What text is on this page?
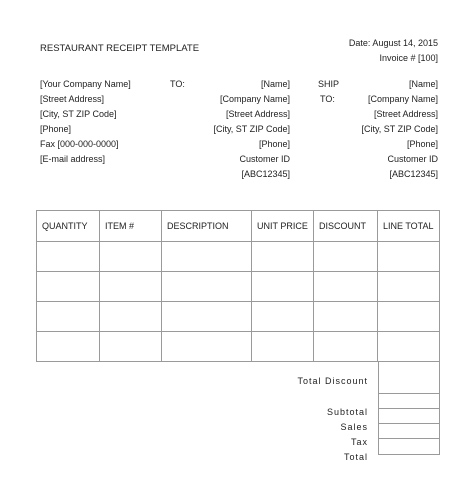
RESTAURANT RECEIPT TEMPLATE	Date: August 14, 2015
Invoice # [100]
[Your Company Name]
[Street Address]
[City, ST ZIP Code]
[Phone]
Fax [000-000-0000]
[E-mail address]
TO:	[Name]
[Company Name]
[Street Address]
[City, ST ZIP Code]
[Phone]
Customer ID
[ABC12345]
SHIP
TO:
[Name]
[Company Name]
[Street Address]
[City, ST ZIP Code]
[Phone]
Customer ID
[ABC12345]
QUANTITY	ITEM #	DESCRIPTION	UNIT PRICE	DISCOUNT	LINE TOTAL

Total Discount
Subtotal
Sales
Tax
Total
